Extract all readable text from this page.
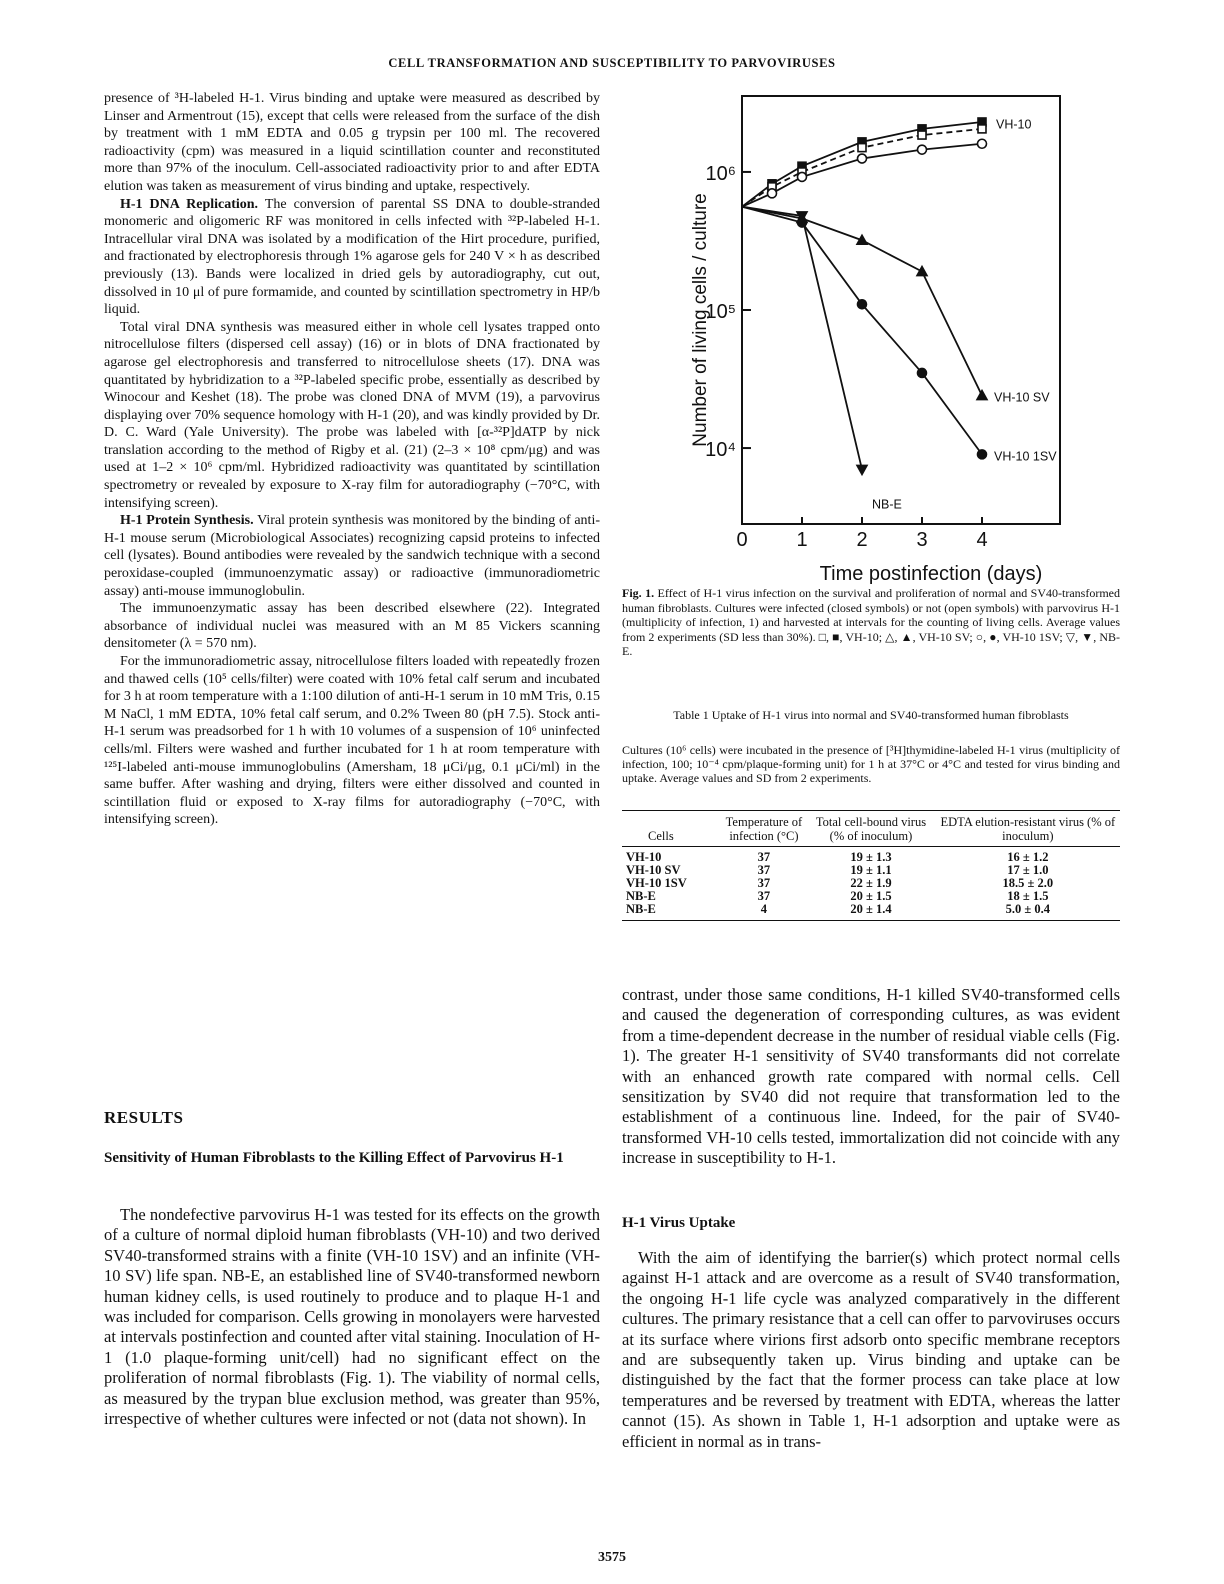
CELL TRANSFORMATION AND SUSCEPTIBILITY TO PARVOVIRUSES

presence of ³H-labeled H-1. Virus binding and uptake were measured as described by Linser and Armentrout (15), except that cells were released from the surface of the dish by treatment with 1 mM EDTA and 0.05 g trypsin per 100 ml. The recovered radioactivity (cpm) was measured in a liquid scintillation counter and reconstituted more than 97% of the inoculum. Cell-associated radioactivity prior to and after EDTA elution was taken as measurement of virus binding and uptake, respectively.

H-1 DNA Replication. The conversion of parental SS DNA to double-stranded monomeric and oligomeric RF was monitored in cells infected with ³²P-labeled H-1. Intracellular viral DNA was isolated by a modification of the Hirt procedure, purified, and fractionated by electrophoresis through 1% agarose gels for 240 V × h as described previously (13). Bands were localized in dried gels by autoradiography, cut out, dissolved in 10 μl of pure formamide, and counted by scintillation spectrometry in HP/b liquid.

Total viral DNA synthesis was measured either in whole cell lysates trapped onto nitrocellulose filters (dispersed cell assay) (16) or in blots of DNA fractionated by agarose gel electrophoresis and transferred to nitrocellulose sheets (17). DNA was quantitated by hybridization to a ³²P-labeled specific probe, essentially as described by Winocour and Keshet (18). The probe was cloned DNA of MVM (19), a parvovirus displaying over 70% sequence homology with H-1 (20), and was kindly provided by Dr. D. C. Ward (Yale University). The probe was labeled with [α-³²P]dATP by nick translation according to the method of Rigby et al. (21) (2–3 × 10⁸ cpm/μg) and was used at 1–2 × 10⁶ cpm/ml. Hybridized radioactivity was quantitated by scintillation spectrometry or revealed by exposure to X-ray film for autoradiography (−70°C, with intensifying screen).

H-1 Protein Synthesis. Viral protein synthesis was monitored by the binding of anti-H-1 mouse serum (Microbiological Associates) recognizing capsid proteins to infected cell (lysates). Bound antibodies were revealed by the sandwich technique with a second peroxidase-coupled (immunoenzymatic assay) or radioactive (immunoradiometric assay) anti-mouse immunoglobulin.

The immunoenzymatic assay has been described elsewhere (22). Integrated absorbance of individual nuclei was measured with an M 85 Vickers scanning densitometer (λ = 570 nm).

For the immunoradiometric assay, nitrocellulose filters loaded with repeatedly frozen and thawed cells (10⁵ cells/filter) were coated with 10% fetal calf serum and incubated for 3 h at room temperature with a 1:100 dilution of anti-H-1 serum in 10 mM Tris, 0.15 M NaCl, 1 mM EDTA, 10% fetal calf serum, and 0.2% Tween 80 (pH 7.5). Stock anti-H-1 serum was preadsorbed for 1 h with 10 volumes of a suspension of 10⁶ uninfected cells/ml. Filters were washed and further incubated for 1 h at room temperature with ¹²⁵I-labeled anti-mouse immunoglobulins (Amersham, 18 μCi/μg, 0.1 μCi/ml) in the same buffer. After washing and drying, filters were either dissolved and counted in scintillation fluid or exposed to X-ray films for autoradiography (−70°C, with intensifying screen).

RESULTS
Sensitivity of Human Fibroblasts to the Killing Effect of Parvovirus H-1

The nondefective parvovirus H-1 was tested for its effects on the growth of a culture of normal diploid human fibroblasts (VH-10) and two derived SV40-transformed strains with a finite (VH-10 1SV) and an infinite (VH-10 SV) life span. NB-E, an established line of SV40-transformed newborn human kidney cells, is used routinely to produce and to plaque H-1 and was included for comparison. Cells growing in monolayers were harvested at intervals postinfection and counted after vital staining. Inoculation of H-1 (1.0 plaque-forming unit/cell) had no significant effect on the proliferation of normal fibroblasts (Fig. 1). The viability of normal cells, as measured by the trypan blue exclusion method, was greater than 95%, irrespective of whether cultures were infected or not (data not shown). In

0 1 2 3 4
10⁴
10⁵
10⁶
Time postinfection (days)
Number of living cells / culture
VH-10
VH-10 SV
VH-10 1SV
NB-E
Fig. 1. Effect of H-1 virus infection on the survival and proliferation of normal and SV40-transformed human fibroblasts. Cultures were infected (closed symbols) or not (open symbols) with parvovirus H-1 (multiplicity of infection, 1) and harvested at intervals for the counting of living cells. Average values from 2 experiments (SD less than 30%). □, ■, VH-10; △, ▲, VH-10 SV; ○, ●, VH-10 1SV; ▽, ▼, NB-E.
Table 1 Uptake of H-1 virus into normal and SV40-transformed human fibroblasts
Cultures (10⁶ cells) were incubated in the presence of [³H]thymidine-labeled H-1 virus (multiplicity of infection, 100; 10⁻⁴ cpm/plaque-forming unit) for 1 h at 37°C or 4°C and tested for virus binding and uptake. Average values and SD from 2 experiments.

Cells	Temperature of infection (°C)	Total cell-bound virus (% of inoculum)	EDTA elution-resistant virus (% of inoculum)
VH-10	37	19 ± 1.3	16 ± 1.2
VH-10 SV	37	19 ± 1.1	17 ± 1.0
VH-10 1SV	37	22 ± 1.9	18.5 ± 2.0
NB-E	37	20 ± 1.5	18 ± 1.5
NB-E	4	20 ± 1.4	5.0 ± 0.4

contrast, under those same conditions, H-1 killed SV40-transformed cells and caused the degeneration of corresponding cultures, as was evident from a time-dependent decrease in the number of residual viable cells (Fig. 1). The greater H-1 sensitivity of SV40 transformants did not correlate with an enhanced growth rate compared with normal cells. Cell sensitization by SV40 did not require that transformation led to the establishment of a continuous line. Indeed, for the pair of SV40-transformed VH-10 cells tested, immortalization did not coincide with any increase in susceptibility to H-1.

H-1 Virus Uptake

With the aim of identifying the barrier(s) which protect normal cells against H-1 attack and are overcome as a result of SV40 transformation, the ongoing H-1 life cycle was analyzed comparatively in the different cultures. The primary resistance that a cell can offer to parvoviruses occurs at its surface where virions first adsorb onto specific membrane receptors and are subsequently taken up. Virus binding and uptake can be distinguished by the fact that the former process can take place at low temperatures and be reversed by treatment with EDTA, whereas the latter cannot (15). As shown in Table 1, H-1 adsorption and uptake were as efficient in normal as in trans-

3575
